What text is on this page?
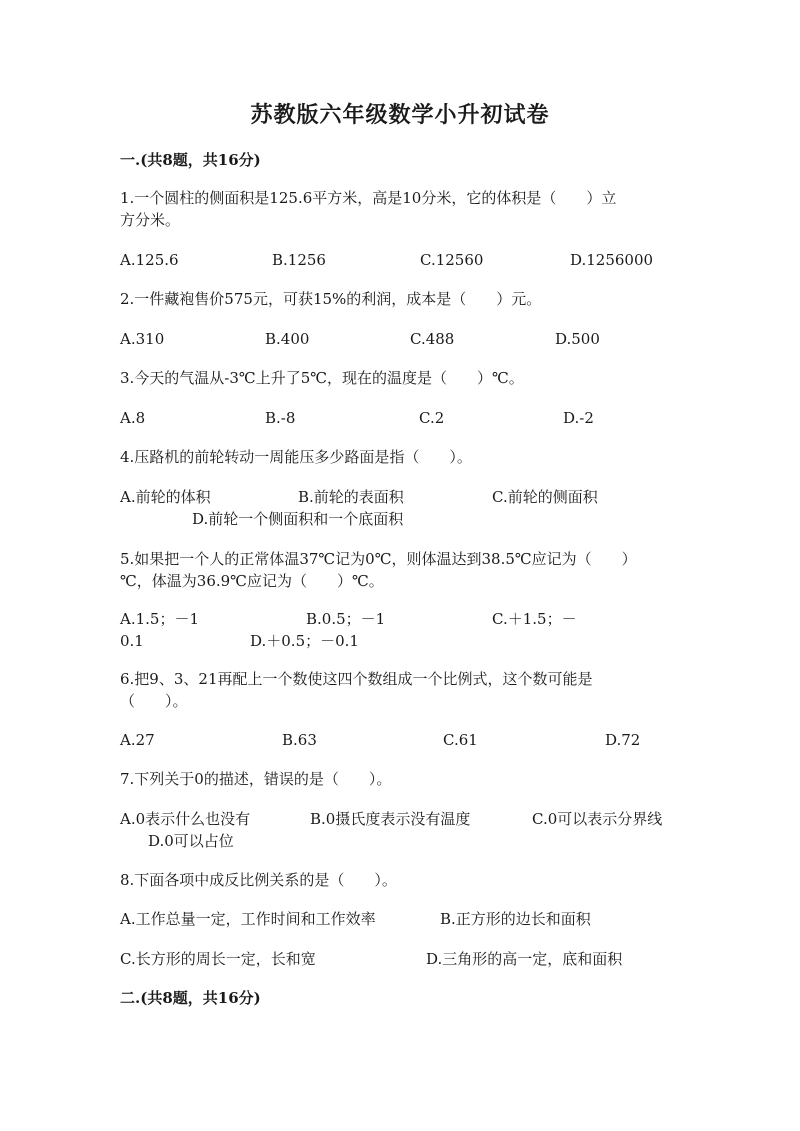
苏教版六年级数学小升初试卷
一.(共8题，共16分)
1.一个圆柱的侧面积是125.6平方米，高是10分米，它的体积是（　　）立
方分米。
A.125.6	B.1256	C.12560	D.1256000
2.一件藏袍售价575元，可获15%的利润，成本是（　　）元。
A.310	B.400	C.488	D.500
3.今天的气温从-3℃上升了5℃，现在的温度是（　　）℃。
A.8	B.-8	C.2	D.-2
4.压路机的前轮转动一周能压多少路面是指（　　）。
A.前轮的体积	B.前轮的表面积	C.前轮的侧面积
D.前轮一个侧面积和一个底面积
5.如果把一个人的正常体温37℃记为0℃，则体温达到38.5℃应记为（　　）
℃，体温为36.9℃应记为（　　）℃。
A.1.5；－1	B.0.5；－1	C.＋1.5；－
0.1	D.＋0.5；－0.1
6.把9、3、21再配上一个数使这四个数组成一个比例式，这个数可能是
（　　）。
A.27	B.63	C.61	D.72
7.下列关于0的描述，错误的是（　　）。
A.0表示什么也没有	B.0摄氏度表示没有温度	C.0可以表示分界线
D.0可以占位
8.下面各项中成反比例关系的是（　　）。
A.工作总量一定，工作时间和工作效率	B.正方形的边长和面积
C.长方形的周长一定，长和宽	D.三角形的高一定，底和面积
二.(共8题，共16分)
